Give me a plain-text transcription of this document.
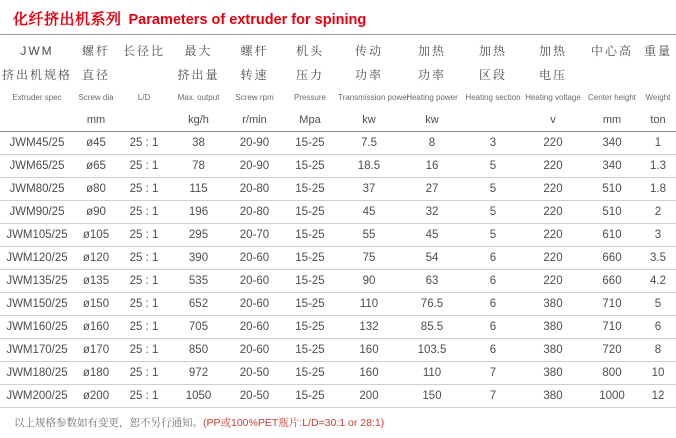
化纤挤出机系列 Parameters of extruder for spining
JWM	螺杆	长径比	最大	螺杆	机头	传动	加热	加热	加热	中心高	重量
挤出机规格	直径		挤出量	转速	压力	功率	功率	区段	电压		
Extruder spec	Screw dia	L/D	Max. output	Screw rpm	Pressure	Transmission power	Heating power	Heating section	Heating voltage	Center height	Weight
	mm		kg/h	r/min	Mpa	kw	kw		v	mm	ton
JWM45/25	ø45	25 : 1	38	20-90	15-25	7.5	8	3	220	340	1
JWM65/25	ø65	25 : 1	78	20-90	15-25	18.5	16	5	220	340	1.3
JWM80/25	ø80	25 : 1	115	20-80	15-25	37	27	5	220	510	1.8
JWM90/25	ø90	25 : 1	196	20-80	15-25	45	32	5	220	510	2
JWM105/25	ø105	25 : 1	295	20-70	15-25	55	45	5	220	610	3
JWM120/25	ø120	25 : 1	390	20-60	15-25	75	54	6	220	660	3.5
JWM135/25	ø135	25 : 1	535	20-60	15-25	90	63	6	220	660	4.2
JWM150/25	ø150	25 : 1	652	20-60	15-25	110	76.5	6	380	710	5
JWM160/25	ø160	25 : 1	705	20-60	15-25	132	85.5	6	380	710	6
JWM170/25	ø170	25 : 1	850	20-60	15-25	160	103.5	6	380	720	8
JWM180/25	ø180	25 : 1	972	20-50	15-25	160	110	7	380	800	10
JWM200/25	ø200	25 : 1	1050	20-50	15-25	200	150	7	380	1000	12
以上规格参数如有变更，恕不另行通知。(PP或100%PET瓶片:L/D=30:1 or 28:1)
